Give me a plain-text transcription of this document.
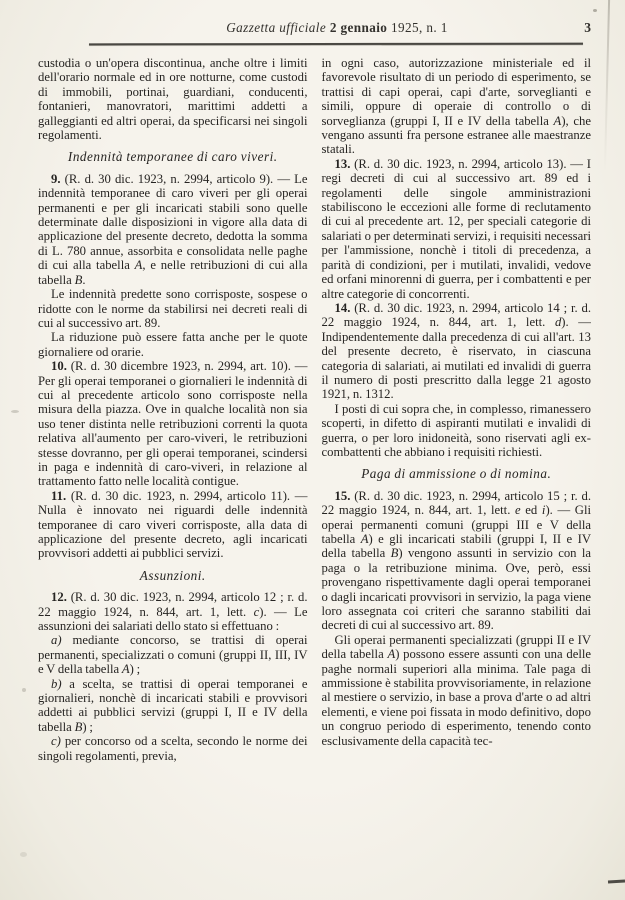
Gazzetta ufficiale 2 gennaio 1925, n. 1	3

custodia o un'opera discontinua, anche oltre i limiti dell'orario normale ed in ore notturne, come custodi di immobili, portinai, guardiani, conducenti, fontanieri, manovratori, marittimi addetti a galleggianti ed altri operai, da specificarsi nei singoli regolamenti.

Indennità temporanee di caro viveri.

9. (R. d. 30 dic. 1923, n. 2994, articolo 9). — Le indennità temporanee di caro viveri per gli operai permanenti e per gli incaricati stabili sono quelle determinate dalle disposizioni in vigore alla data di applicazione del presente decreto, dedotta la somma di L. 780 annue, assorbita e consolidata nelle paghe di cui alla tabella A, e nelle retribuzioni di cui alla tabella B.

Le indennità predette sono corrisposte, sospese o ridotte con le norme da stabilirsi nei decreti reali di cui al successivo art. 89.

La riduzione può essere fatta anche per le quote giornaliere od orarie.

10. (R. d. 30 dicembre 1923, n. 2994, art. 10). — Per gli operai temporanei o giornalieri le indennità di cui al precedente articolo sono corrisposte nella misura della piazza. Ove in qualche località non sia uso tener distinta nelle retribuzioni correnti la quota relativa all'aumento per caro-viveri, le retribuzioni stesse dovranno, per gli operai temporanei, scindersi in paga e indennità di caro-viveri, in relazione al trattamento fatto nelle località contigue.

11. (R. d. 30 dic. 1923, n. 2994, articolo 11). — Nulla è innovato nei riguardi delle indennità temporanee di caro viveri corrisposte, alla data di applicazione del presente decreto, agli incaricati provvisori addetti ai pubblici servizi.

Assunzioni.

12. (R. d. 30 dic. 1923, n. 2994, articolo 12 ; r. d. 22 maggio 1924, n. 844, art. 1, lett. c). — Le assunzioni dei salariati dello stato si effettuano :

a) mediante concorso, se trattisi di operai permanenti, specializzati o comuni (gruppi II, III, IV e V della tabella A) ;

b) a scelta, se trattisi di operai temporanei e giornalieri, nonchè di incaricati stabili e provvisori addetti ai pubblici servizi (gruppi I, II e IV della tabella B) ;

c) per concorso od a scelta, secondo le norme dei singoli regolamenti, previa,

in ogni caso, autorizzazione ministeriale ed il favorevole risultato di un periodo di esperimento, se trattisi di capi operai, capi d'arte, sorveglianti e simili, oppure di operaie di controllo o di sorveglianza (gruppi I, II e IV della tabella A), che vengano assunti fra persone estranee alle maestranze statali.

13. (R. d. 30 dic. 1923, n. 2994, articolo 13). — I regi decreti di cui al successivo art. 89 ed i regolamenti delle singole amministrazioni stabiliscono le eccezioni alle forme di reclutamento di cui al precedente art. 12, per speciali categorie di salariati o per determinati servizi, i requisiti necessari per l'ammissione, nonchè i titoli di precedenza, a parità di condizioni, per i mutilati, invalidi, vedove ed orfani minorenni di guerra, per i combattenti e per altre categorie di concorrenti.

14. (R. d. 30 dic. 1923, n. 2994, articolo 14 ; r. d. 22 maggio 1924, n. 844, art. 1, lett. d). — Indipendentemente dalla precedenza di cui all'art. 13 del presente decreto, è riservato, in ciascuna categoria di salariati, ai mutilati ed invalidi di guerra il numero di posti prescritto dalla legge 21 agosto 1921, n. 1312.

I posti di cui sopra che, in complesso, rimanessero scoperti, in difetto di aspiranti mutilati e invalidi di guerra, o per loro inidoneità, sono riservati agli ex-combattenti che abbiano i requisiti richiesti.

Paga di ammissione o di nomina.

15. (R. d. 30 dic. 1923, n. 2994, articolo 15 ; r. d. 22 maggio 1924, n. 844, art. 1, lett. e ed i). — Gli operai permanenti comuni (gruppi III e V della tabella A) e gli incaricati stabili (gruppi I, II e IV della tabella B) vengono assunti in servizio con la paga o la retribuzione minima. Ove, però, essi provengano rispettivamente dagli operai temporanei o dagli incaricati provvisori in servizio, la paga viene loro assegnata coi criteri che saranno stabiliti dai decreti di cui al successivo art. 89.

Gli operai permanenti specializzati (gruppi II e IV della tabella A) possono essere assunti con una delle paghe normali superiori alla minima. Tale paga di ammissione è stabilita provvisoriamente, in relazione al mestiere o servizio, in base a prova d'arte o ad altri elementi, e viene poi fissata in modo definitivo, dopo un congruo periodo di esperimento, tenendo conto esclusivamente della capacità tec-
